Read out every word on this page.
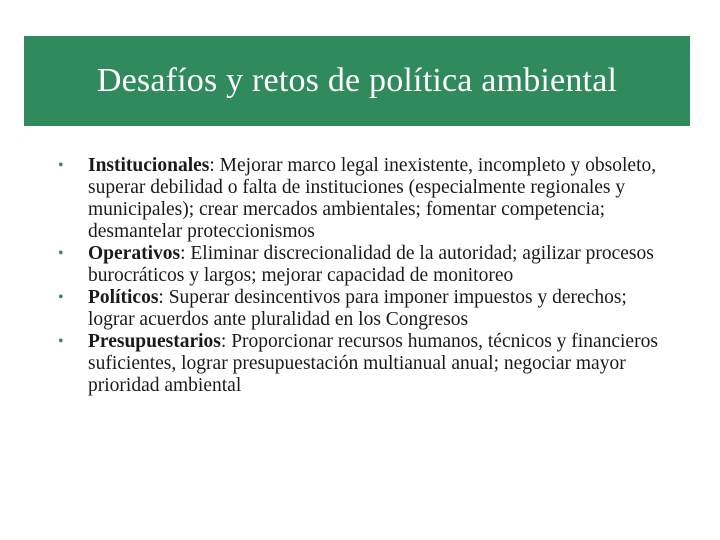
Desafíos y retos de política ambiental
• Institucionales: Mejorar marco legal inexistente, incompleto y obsoleto, superar debilidad o falta de instituciones (especialmente regionales y municipales); crear mercados ambientales; fomentar competencia; desmantelar proteccionismos
• Operativos: Eliminar discrecionalidad de la autoridad; agilizar procesos burocráticos y largos; mejorar capacidad de monitoreo
• Políticos: Superar desincentivos para imponer impuestos y derechos; lograr acuerdos ante pluralidad en los Congresos
• Presupuestarios: Proporcionar recursos humanos, técnicos y financieros suficientes, lograr presupuestación multianual anual; negociar mayor prioridad ambiental
